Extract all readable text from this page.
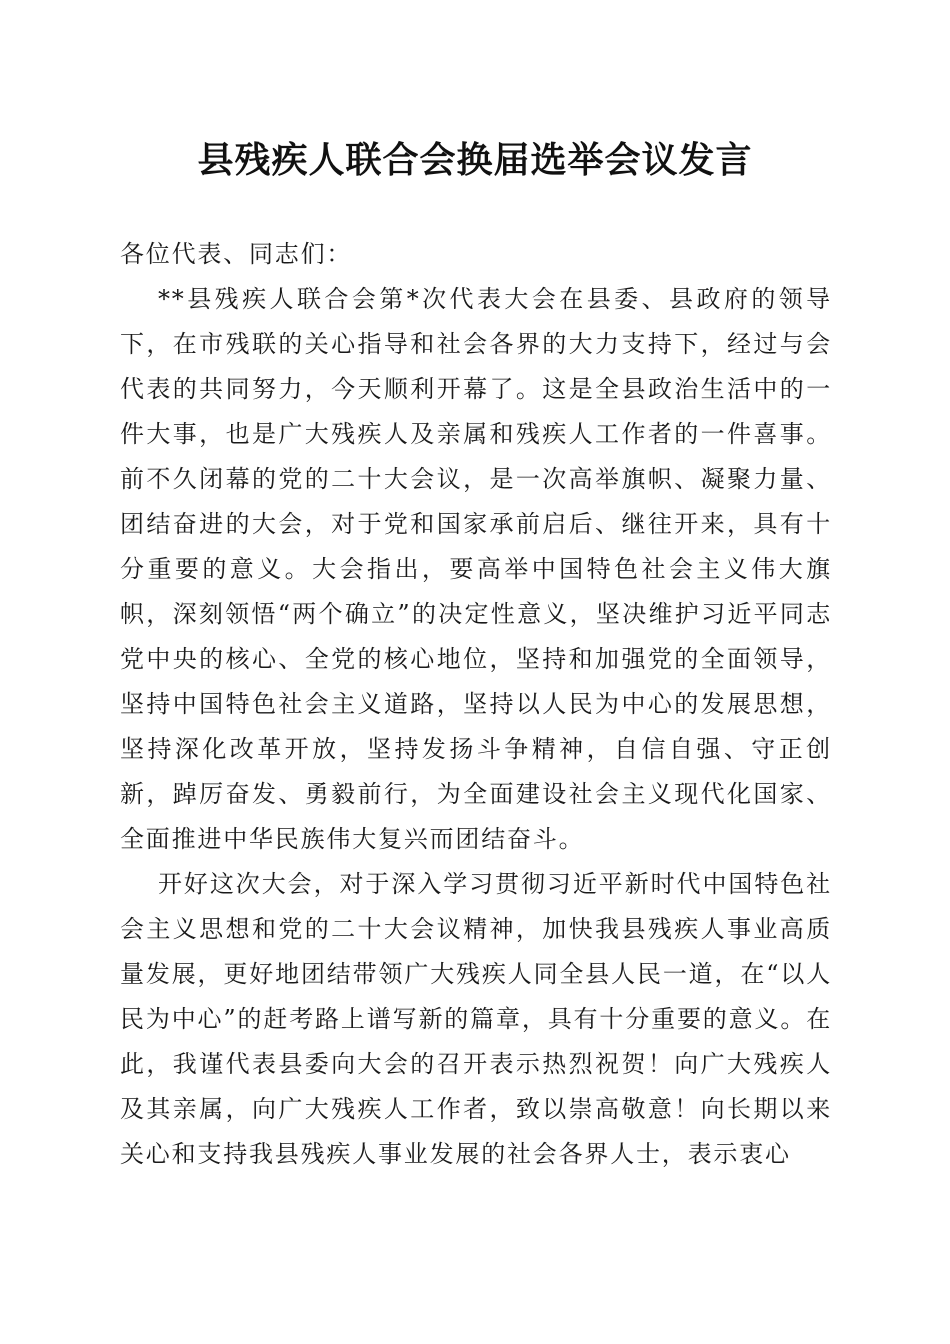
县残疾人联合会换届选举会议发言

各位代表、同志们：

**县残疾人联合会第*次代表大会在县委、县政府的领导下，在市残联的关心指导和社会各界的大力支持下，经过与会代表的共同努力，今天顺利开幕了。这是全县政治生活中的一件大事，也是广大残疾人及亲属和残疾人工作者的一件喜事。前不久闭幕的党的二十大会议，是一次高举旗帜、凝聚力量、团结奋进的大会，对于党和国家承前启后、继往开来，具有十分重要的意义。大会指出，要高举中国特色社会主义伟大旗帜，深刻领悟“两个确立”的决定性意义，坚决维护习近平同志党中央的核心、全党的核心地位，坚持和加强党的全面领导，坚持中国特色社会主义道路，坚持以人民为中心的发展思想，坚持深化改革开放，坚持发扬斗争精神，自信自强、守正创新，踔厉奋发、勇毅前行，为全面建设社会主义现代化国家、全面推进中华民族伟大复兴而团结奋斗。

开好这次大会，对于深入学习贯彻习近平新时代中国特色社会主义思想和党的二十大会议精神，加快我县残疾人事业高质量发展，更好地团结带领广大残疾人同全县人民一道，在“以人民为中心”的赶考路上谱写新的篇章，具有十分重要的意义。在此，我谨代表县委向大会的召开表示热烈祝贺！向广大残疾人及其亲属，向广大残疾人工作者，致以崇高敬意！向长期以来关心和支持我县残疾人事业发展的社会各界人士，表示衷心
